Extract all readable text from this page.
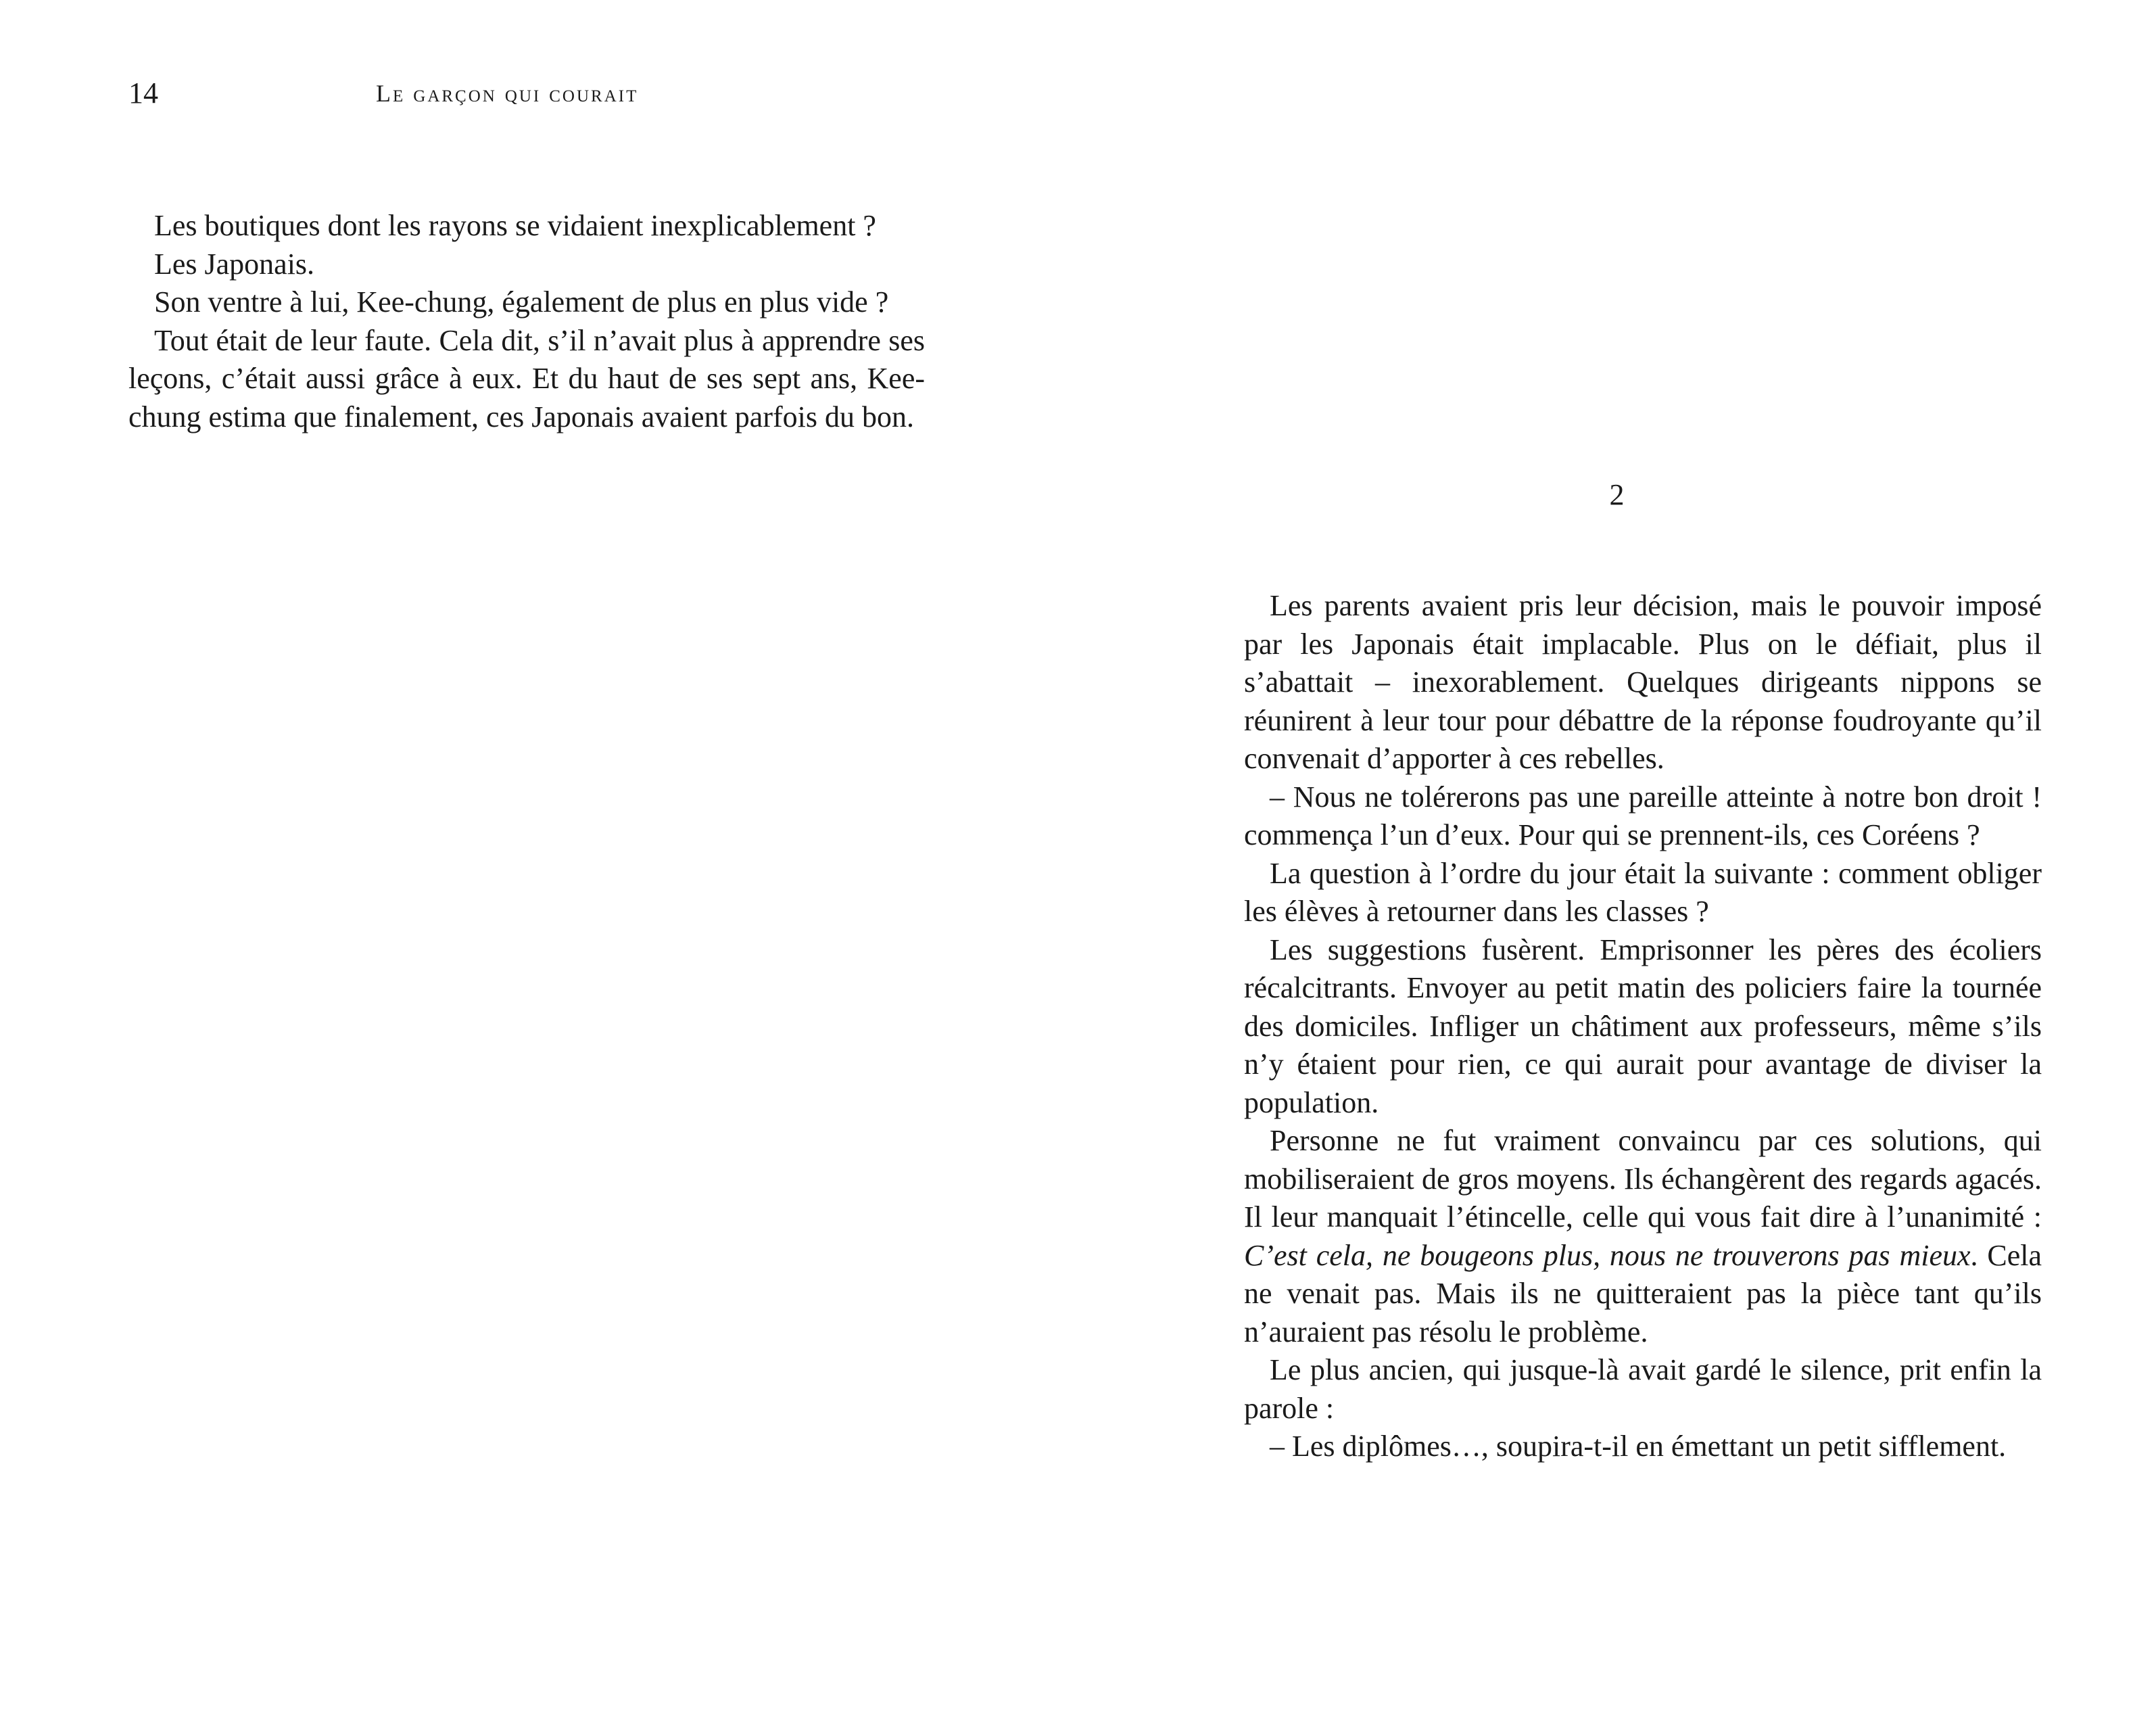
14	Le garçon qui courait

Les boutiques dont les rayons se vidaient inexplicablement ?

Les Japonais.

Son ventre à lui, Kee-chung, également de plus en plus vide ?

Tout était de leur faute. Cela dit, s’il n’avait plus à apprendre ses leçons, c’était aussi grâce à eux. Et du haut de ses sept ans, Kee-chung estima que finalement, ces Japonais avaient parfois du bon.

2

Les parents avaient pris leur décision, mais le pouvoir imposé par les Japonais était implacable. Plus on le défiait, plus il s’abattait – inexorablement. Quelques dirigeants nippons se réunirent à leur tour pour débattre de la réponse foudroyante qu’il convenait d’apporter à ces rebelles.

– Nous ne tolérerons pas une pareille atteinte à notre bon droit ! commença l’un d’eux. Pour qui se prennent-ils, ces Coréens ?

La question à l’ordre du jour était la suivante : comment obliger les élèves à retourner dans les classes ?

Les suggestions fusèrent. Emprisonner les pères des écoliers récalcitrants. Envoyer au petit matin des policiers faire la tournée des domiciles. Infliger un châtiment aux professeurs, même s’ils n’y étaient pour rien, ce qui aurait pour avantage de diviser la population.

Personne ne fut vraiment convaincu par ces solutions, qui mobiliseraient de gros moyens. Ils échangèrent des regards agacés. Il leur manquait l’étincelle, celle qui vous fait dire à l’unanimité : C’est cela, ne bougeons plus, nous ne trouverons pas mieux. Cela ne venait pas. Mais ils ne quitteraient pas la pièce tant qu’ils n’auraient pas résolu le problème.

Le plus ancien, qui jusque-là avait gardé le silence, prit enfin la parole :

– Les diplômes…, soupira-t-il en émettant un petit sifflement.
